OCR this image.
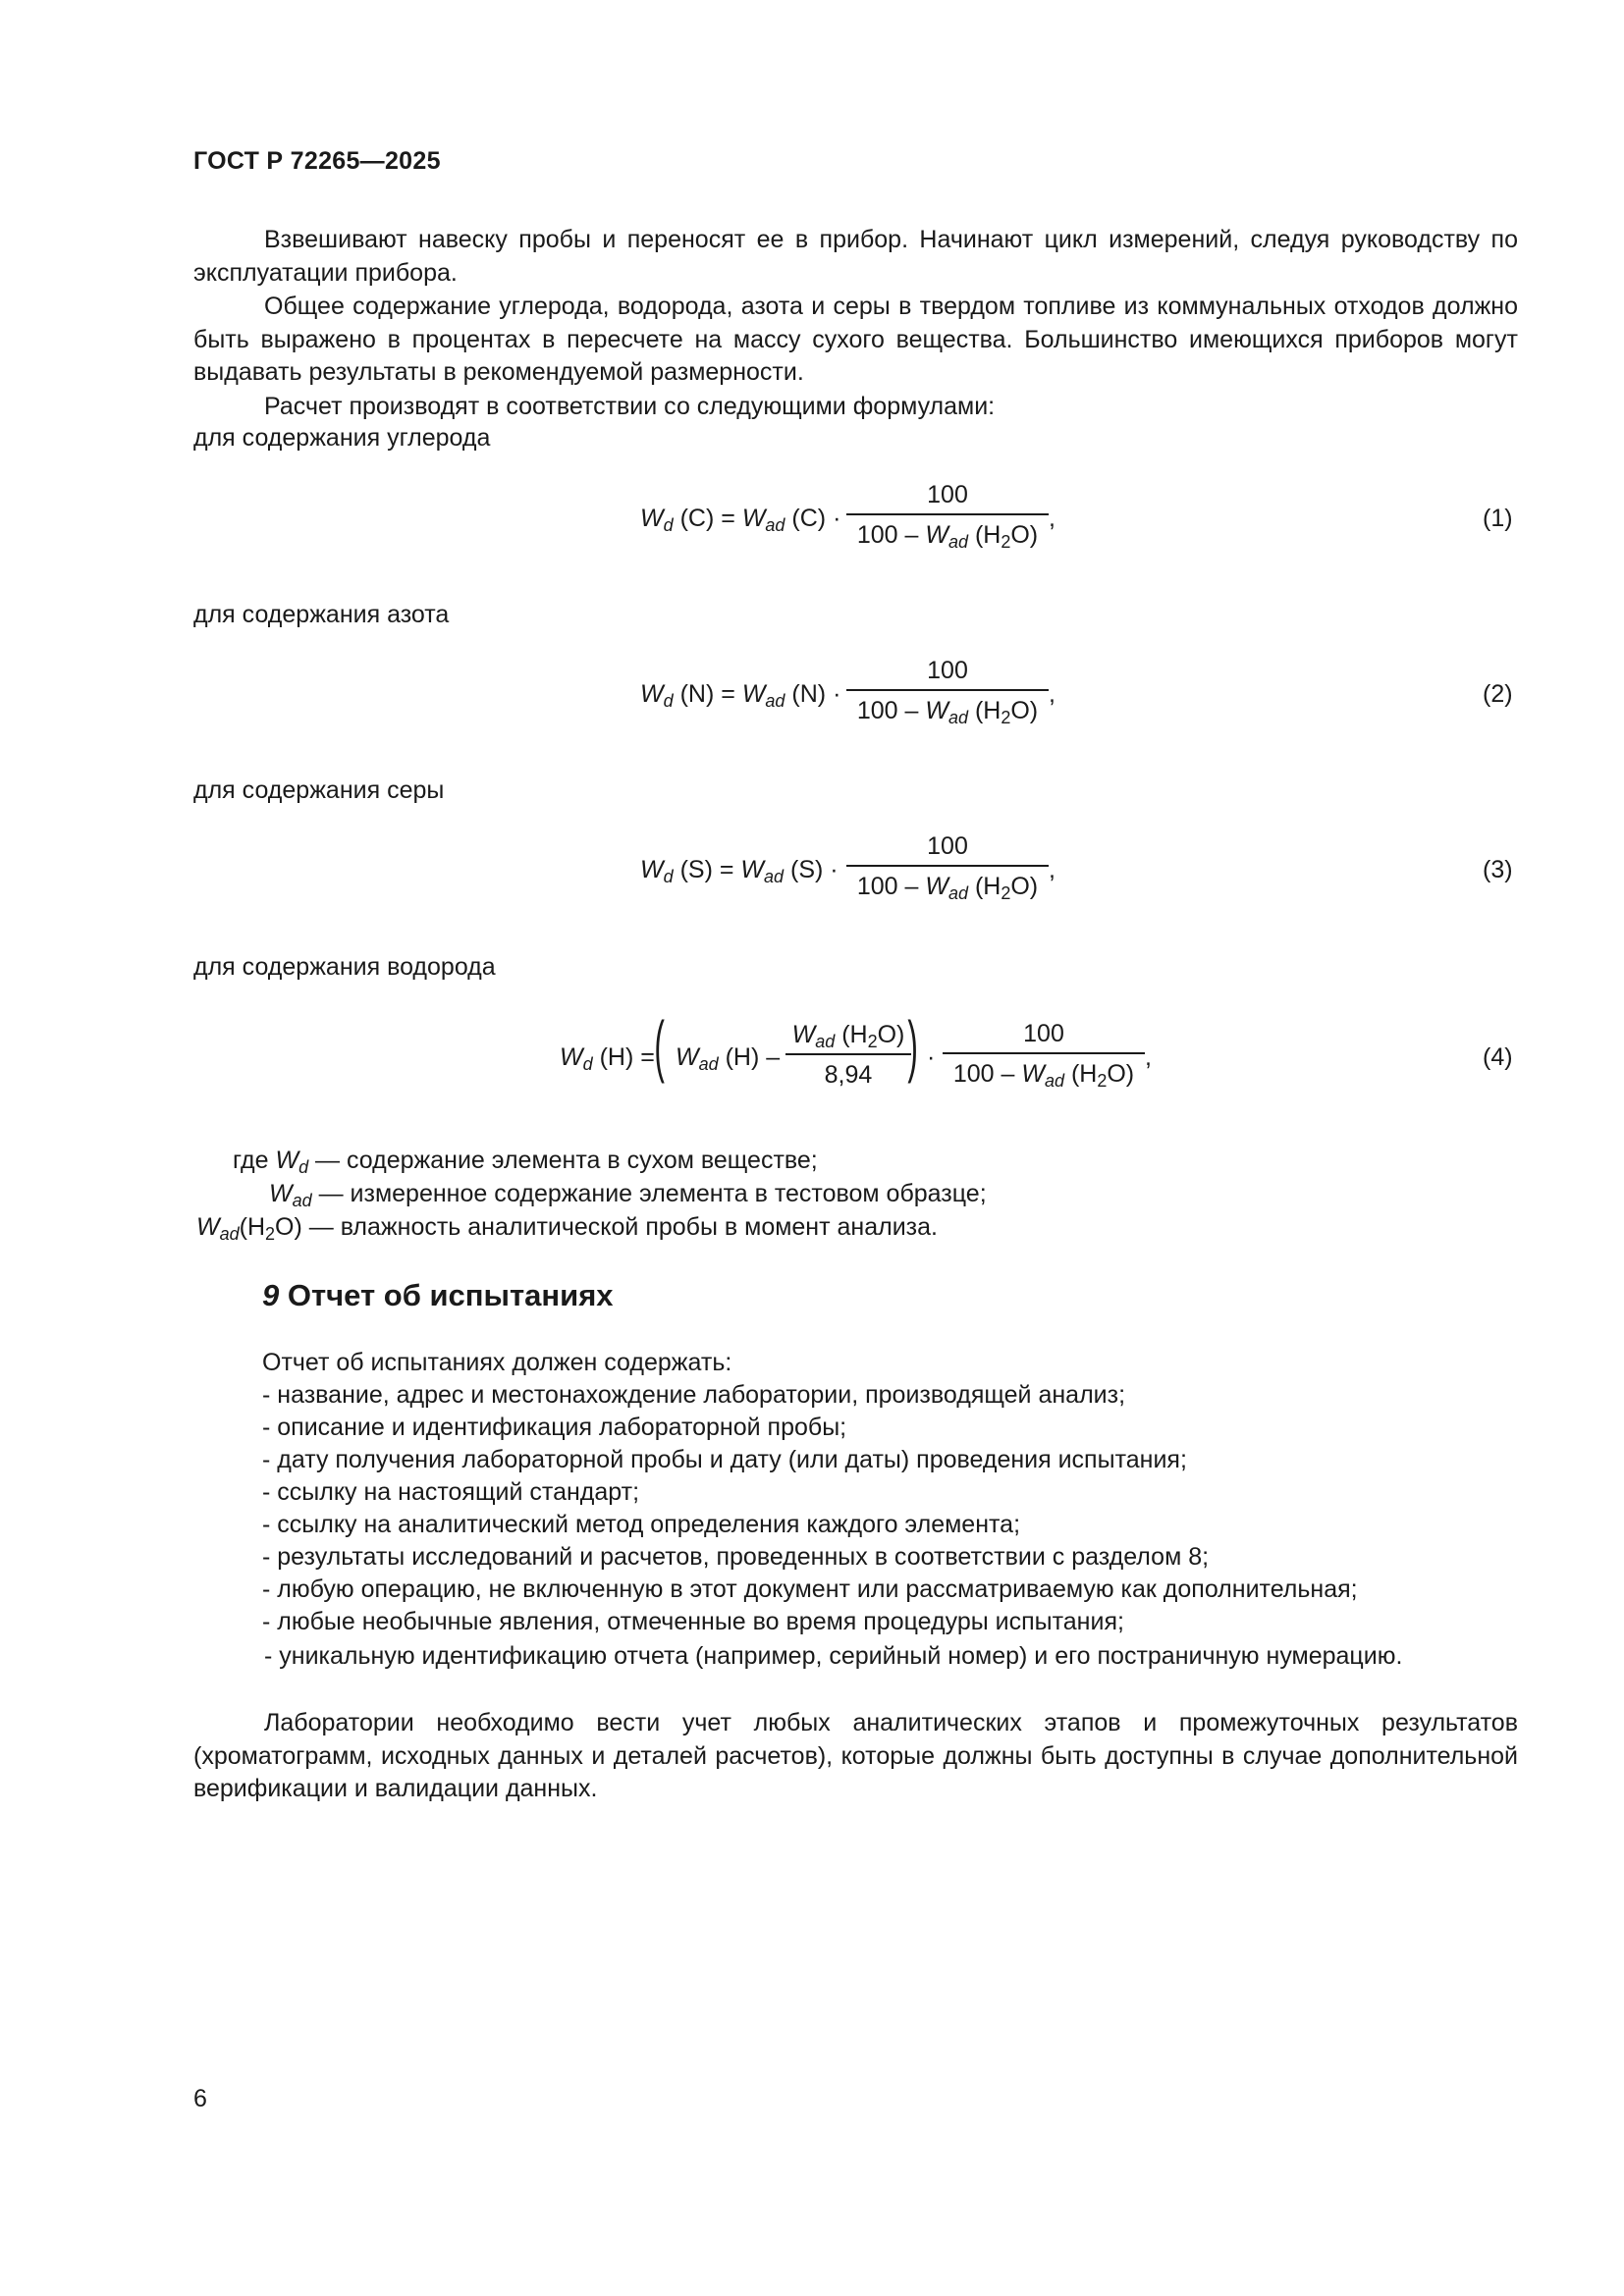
ГОСТ Р 72265—2025
Взвешивают навеску пробы и переносят ее в прибор. Начинают цикл измерений, следуя руководству по эксплуатации прибора.
Общее содержание углерода, водорода, азота и серы в твердом топливе из коммунальных отходов должно быть выражено в процентах в пересчете на массу сухого вещества. Большинство имеющихся приборов могут выдавать результаты в рекомендуемой размерности.
Расчет производят в соответствии со следующими формулами:
для содержания углерода
$W_d$ $(C) = W_{ad}$ (C) ·
100
$100 - W_{ad}$ $(H_2O)$
,	(1)
для содержания азота
$W_d$ $(N) = W_{ad}$ (N) ·
100
$100 - W_{ad}$ $(H_2O)$
,	(2)
для содержания серы
$W_d$ $(S) = W_{ad}$ (S) ·
100
$100 - W_{ad}$ $(H_2O)$
,	(3)
для содержания водорода
$W_d$ (H) = ( $W_{ad}$ (H) –
$W_{ad}$ $(H_2O)$
8,94 ) ·
100
$100 - W_{ad}$ $(H_2O)$
,	(4)
где $W_d$ — содержание элемента в сухом веществе;
$W_{ad}$ — измеренное содержание элемента в тестовом образце;
$W_{ad}(H_2O)$ — влажность аналитической пробы в момент анализа.
9 Отчет об испытаниях
Отчет об испытаниях должен содержать:
- название, адрес и местонахождение лаборатории, производящей анализ;
- описание и идентификация лабораторной пробы;
- дату получения лабораторной пробы и дату (или даты) проведения испытания;
- ссылку на настоящий стандарт;
- ссылку на аналитический метод определения каждого элемента;
- результаты исследований и расчетов, проведенных в соответствии с разделом 8;
- любую операцию, не включенную в этот документ или рассматриваемую как дополнительная;
- любые необычные явления, отмеченные во время процедуры испытания;
- уникальную идентификацию отчета (например, серийный номер) и его постраничную нумерацию.
Лаборатории необходимо вести учет любых аналитических этапов и промежуточных результатов (хроматограмм, исходных данных и деталей расчетов), которые должны быть доступны в случае дополнительной верификации и валидации данных.
6
